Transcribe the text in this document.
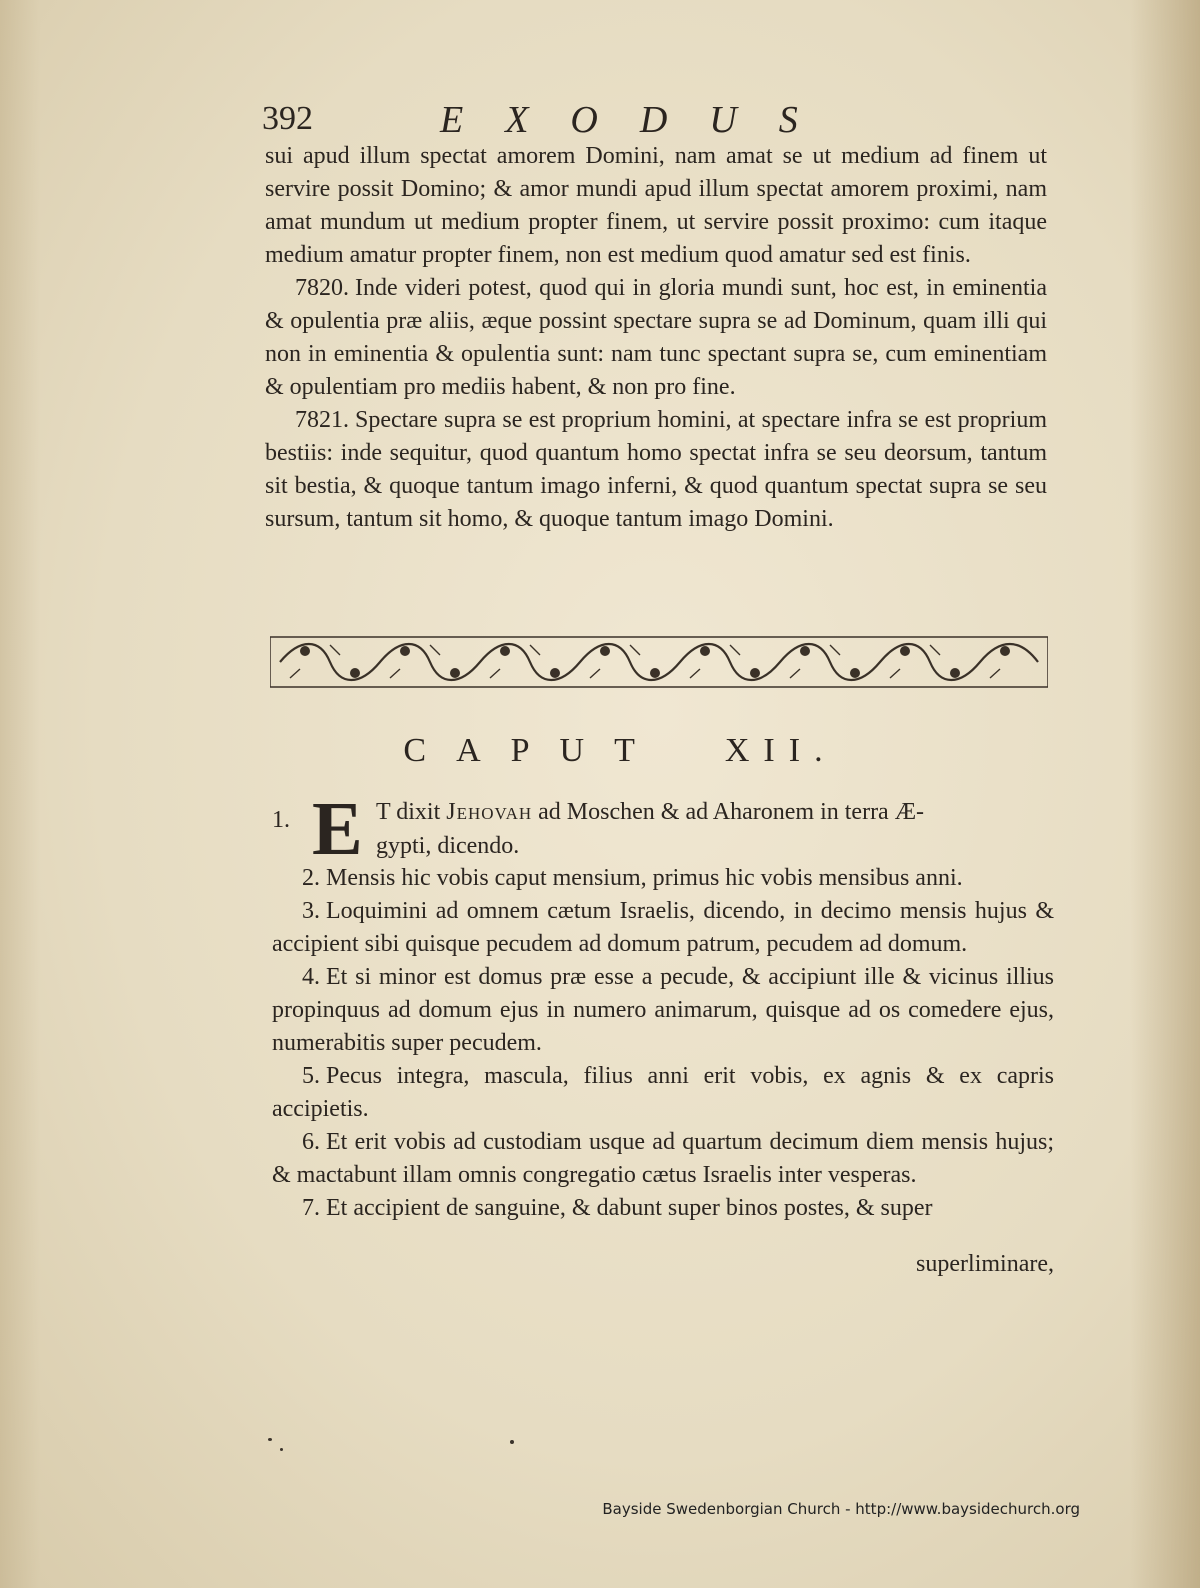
392	EXODUS

sui apud illum spectat amorem Domini, nam amat se ut medium ad finem ut servire possit Domino; & amor mundi apud illum spectat amorem proximi, nam amat mundum ut medium propter finem, ut servire possit proximo: cum itaque medium amatur propter finem, non est medium quod amatur sed est finis.

7820. Inde videri potest, quod qui in gloria mundi sunt, hoc est, in eminentia & opulentia præ aliis, æque possint spectare supra se ad Dominum, quam illi qui non in eminentia & opulentia sunt: nam tunc spectant supra se, cum eminentiam & opulentiam pro mediis habent, & non pro fine.

7821. Spectare supra se est proprium homini, at spectare infra se est proprium bestiis: inde sequitur, quod quantum homo spectat infra se seu deorsum, tantum sit bestia, & quoque tantum imago inferni, & quod quantum spectat supra se seu sursum, tantum sit homo, & quoque tantum imago Domini.

CAPUT XII.
1. E T dixit Jehovah ad Moschen & ad Aharonem in terra Æ-
gypti, dicendo.

2. Mensis hic vobis caput mensium, primus hic vobis mensibus anni.

3. Loquimini ad omnem cætum Israelis, dicendo, in decimo mensis hujus & accipient sibi quisque pecudem ad domum patrum, pecudem ad domum.

4. Et si minor est domus præ esse a pecude, & accipiunt ille & vicinus illius propinquus ad domum ejus in numero animarum, quisque ad os comedere ejus, numerabitis super pecudem.

5. Pecus integra, mascula, filius anni erit vobis, ex agnis & ex capris accipietis.

6. Et erit vobis ad custodiam usque ad quartum decimum diem mensis hujus; & mactabunt illam omnis congregatio cætus Israelis inter vesperas.

7. Et accipient de sanguine, & dabunt super binos postes, & super

superliminare,
Bayside Swedenborgian Church - http://www.baysidechurch.org
